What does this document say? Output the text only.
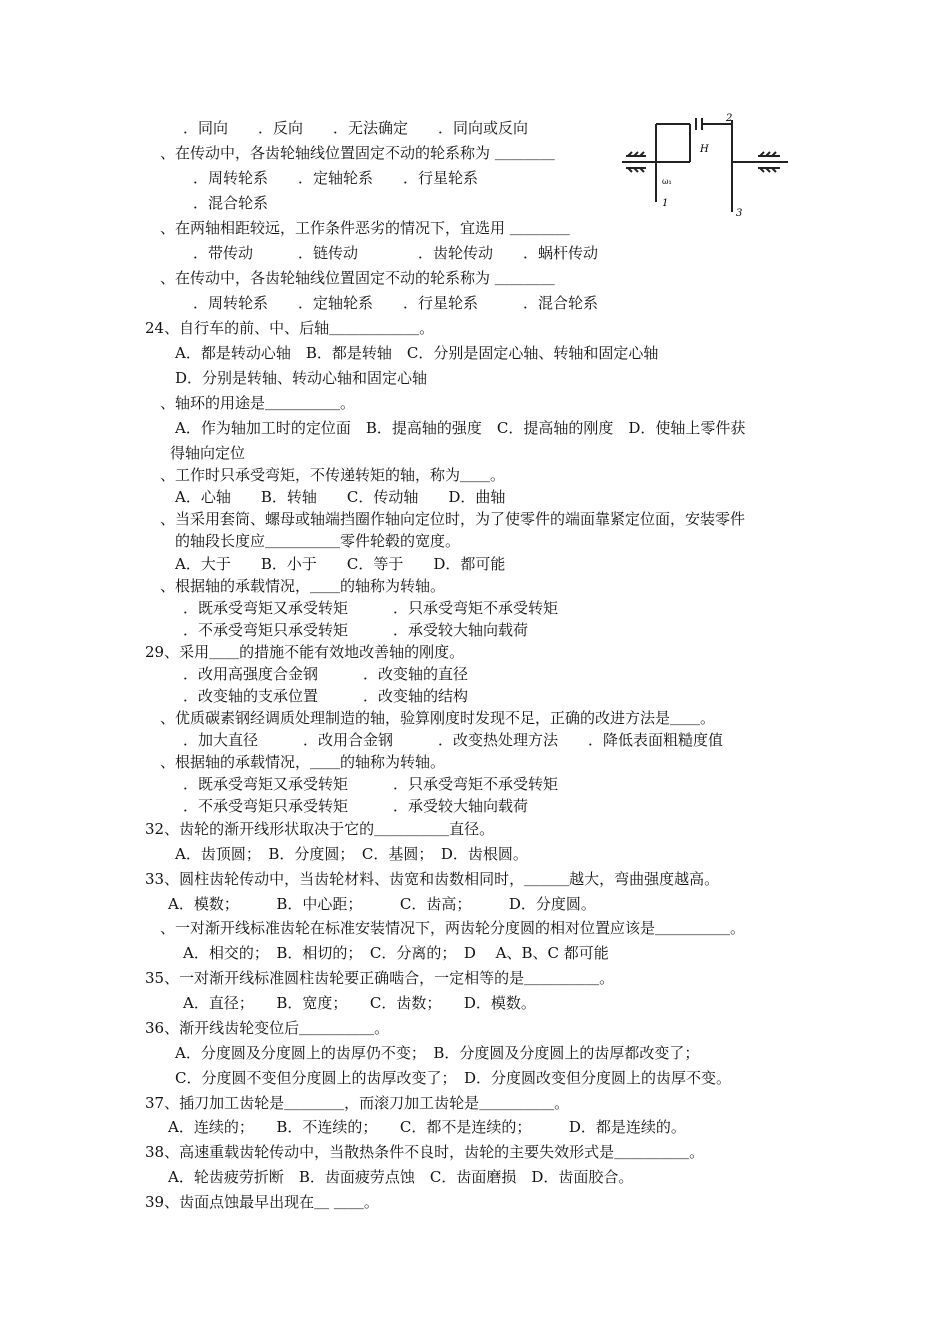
．同向　　．反向　　．无法确定　　．同向或反向
、在传动中，各齿轮轴线位置固定不动的轮系称为 ＿＿＿＿
．周转轮系　　．定轴轮系　　．行星轮系
．混合轮系
、在两轴相距较远，工作条件恶劣的情况下，宜选用 ＿＿＿＿
．带传动　　　．链传动　　　　．齿轮传动　　．蜗杆传动
、在传动中，各齿轮轴线位置固定不动的轮系称为 ＿＿＿＿
．周转轮系　　．定轴轮系　　．行星轮系　　　．混合轮系
24、自行车的前、中、后轴＿＿＿＿＿＿。
A．都是转动心轴　B．都是转轴　C．分别是固定心轴、转轴和固定心轴
D．分别是转轴、转动心轴和固定心轴
、轴环的用途是＿＿＿＿＿。
A．作为轴加工时的定位面　B．提高轴的强度　C．提高轴的刚度　D．使轴上零件获
得轴向定位
、工作时只承受弯矩，不传递转矩的轴，称为＿＿。
A．心轴　　B．转轴　　C．传动轴　　D．曲轴
、当采用套筒、螺母或轴端挡圈作轴向定位时，为了使零件的端面靠紧定位面，安装零件
的轴段长度应＿＿＿＿＿零件轮毂的宽度。
A．大于　　B．小于　　C．等于　　D．都可能
、根据轴的承载情况，＿＿的轴称为转轴。
．既承受弯矩又承受转矩　　　．只承受弯矩不承受转矩
．不承受弯矩只承受转矩　　　．承受较大轴向载荷
29、采用＿＿的措施不能有效地改善轴的刚度。
．改用高强度合金钢　　　．改变轴的直径
．改变轴的支承位置　　　．改变轴的结构
、优质碳素钢经调质处理制造的轴，验算刚度时发现不足，正确的改进方法是＿＿。
．加大直径　　　．改用合金钢　　　．改变热处理方法　　．降低表面粗糙度值
、根据轴的承载情况，＿＿的轴称为转轴。
．既承受弯矩又承受转矩　　　．只承受弯矩不承受转矩
．不承受弯矩只承受转矩　　　．承受较大轴向载荷
32、齿轮的渐开线形状取决于它的＿＿＿＿＿直径。
A．齿顶圆；　B．分度圆；　C．基圆；　D．齿根圆。
33、圆柱齿轮传动中，当齿轮材料、齿宽和齿数相同时，＿＿＿越大，弯曲强度越高。
A．模数；　　　B．中心距；　　　C．齿高；　　　D．分度圆。
、一对渐开线标准齿轮在标准安装情况下，两齿轮分度圆的相对位置应该是＿＿＿＿＿。
A．相交的；　B．相切的；　C．分离的；　D　 A、B、C 都可能
35、一对渐开线标准圆柱齿轮要正确啮合，一定相等的是＿＿＿＿＿。
A．直径；　　B．宽度；　　C．齿数；　　D．模数。
36、渐开线齿轮变位后＿＿＿＿＿。
A．分度圆及分度圆上的齿厚仍不变；　B．分度圆及分度圆上的齿厚都改变了；
C．分度圆不变但分度圆上的齿厚改变了；　D．分度圆改变但分度圆上的齿厚不变。
37、插刀加工齿轮是＿＿＿＿，而滚刀加工齿轮是＿＿＿＿＿。
A．连续的；　　B．不连续的；　　C．都不是连续的；　　　D．都是连续的。
38、高速重载齿轮传动中，当散热条件不良时，齿轮的主要失效形式是＿＿＿＿＿。
A．轮齿疲劳折断　B．齿面疲劳点蚀　C．齿面磨损　D．齿面胶合。
39、齿面点蚀最早出现在＿ ＿＿。
2
H
ω₁
1
3
